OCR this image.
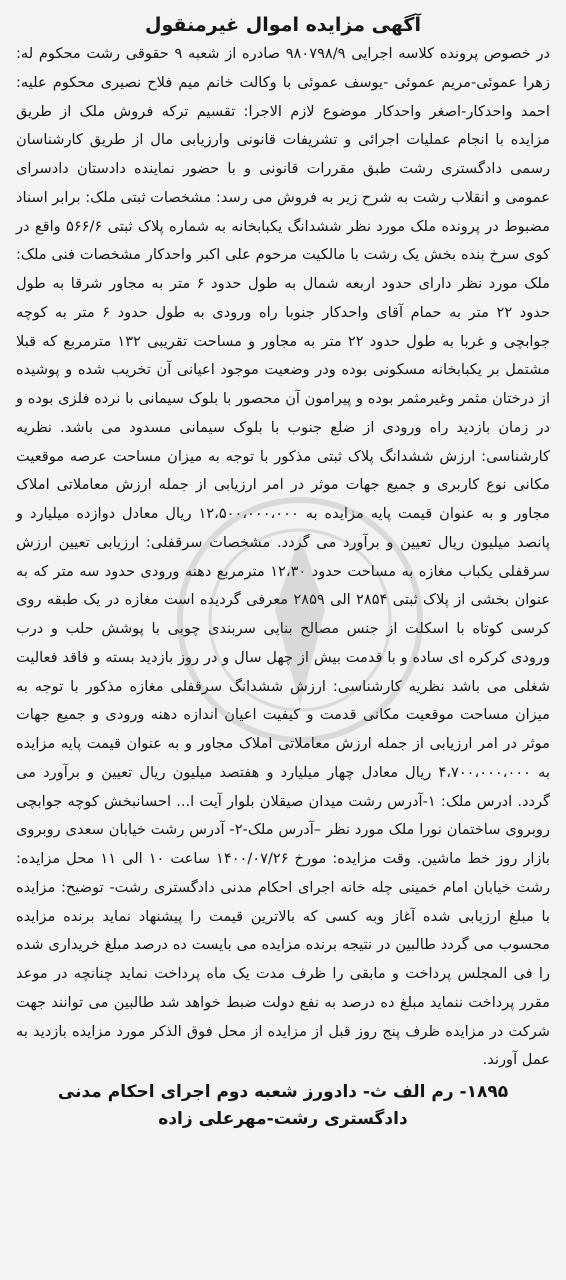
آگهی مزایده اموال غیرمنقول

در خصوص پرونده کلاسه اجرایی ۹۸۰۷۹۸/۹ صادره از شعبه ۹ حقوقی رشت محکوم له: زهرا عموئی-مریم عموئی -یوسف عموئی با وکالت خانم میم فلاح نصیری محکوم علیه: احمد واحدکار-اصغر واحدکار موضوع لازم الاجرا: تقسیم ترکه فروش ملک از طریق مزایده با انجام عملیات اجرائی و تشریفات قانونی وارزیابی مال از طریق کارشناسان رسمی دادگستری رشت طبق مقررات قانونی و با حضور نماینده دادستان دادسرای عمومی و انقلاب رشت به شرح زیر به فروش می رسد: مشخصات ثبتی ملک: برابر اسناد مضبوط در پرونده ملک مورد نظر ششدانگ یکبابخانه به شماره پلاک ثبتی ۵۶۶/۶ واقع در کوی سرخ بنده بخش یک رشت با مالکیت مرحوم علی اکبر واحدکار مشخصات فنی ملک: ملک مورد نظر دارای حدود اربعه شمال به طول حدود ۶ متر به مجاور شرقا به طول حدود ۲۲ متر به حمام آقای واحدکار جنوبا راه ورودی به طول حدود ۶ متر به کوچه جوابچی و غربا به طول حدود ۲۲ متر به مجاور و مساحت تقریبی ۱۳۲ مترمربع که قبلا مشتمل بر یکبابخانه مسکونی بوده ودر وضعیت موجود اعیانی آن تخریب شده و پوشیده از درختان مثمر وغیرمثمر بوده و پیرامون آن محصور با بلوک سیمانی با نرده فلزی بوده و در زمان بازدید راه ورودی از ضلع جنوب با بلوک سیمانی مسدود می باشد. نظریه کارشناسی: ارزش ششدانگ پلاک ثبتی مذکور با توجه به میزان مساحت عرصه موقعیت مکانی نوع کاربری و جمیع جهات موثر در امر ارزیابی از جمله ارزش معاملاتی املاک مجاور و به عنوان قیمت پایه مزایده به ۱۲،۵۰۰،۰۰۰،۰۰۰ ریال معادل دوازده میلیارد و پانصد میلیون ریال تعیین و برآورد می گردد. مشخصات سرقفلی: ارزیابی تعیین ارزش سرقفلی یکباب مغازه به مساحت حدود ۱۲،۳۰ مترمربع دهنه ورودی حدود سه متر که به عنوان بخشی از پلاک ثبتی ۲۸۵۴ الی ۲۸۵۹ معرفی گردیده است مغازه در یک طبقه روی کرسی کوتاه با اسکلت از جنس مصالح بنایی سربندی چوبی با پوشش حلب و درب ورودی کرکره ای ساده و با قدمت بیش از چهل سال و در روز بازدید بسته و فاقد فعالیت شغلی می باشد نظریه کارشناسی: ارزش ششدانگ سرقفلی مغازه مذکور با توجه به میزان مساحت موقعیت مکانی قدمت و کیفیت اعیان اندازه دهنه ورودی و جمیع جهات موثر در امر ارزیابی از جمله ارزش معاملاتی املاک مجاور و به عنوان قیمت پایه مزایده به ۴،۷۰۰،۰۰۰،۰۰۰ ریال معادل چهار میلیارد و هفتصد میلیون ریال تعیین و برآورد می گردد. ادرس ملک: ۱-آدرس رشت میدان صیقلان بلوار آیت ا... احسانبخش کوچه جوابچی روبروی ساختمان نورا ملک مورد نظر –آدرس ملک-۲- آدرس رشت خیابان سعدی روبروی بازار روز خط ماشین. وقت مزایده: مورخ ۱۴۰۰/۰۷/۲۶ ساعت ۱۰ الی ۱۱ محل مزایده: رشت خیابان امام خمینی چله خانه اجرای احکام مدنی دادگستری رشت- توضیح: مزایده با مبلغ ارزیابی شده آغاز وبه کسی که بالاترین قیمت را پیشنهاد نماید برنده مزایده محسوب می گردد طالبین در نتیجه برنده مزایده می بایست ده درصد مبلغ خریداری شده را فی المجلس پرداخت و مابقی را ظرف مدت یک ماه پرداخت نماید چنانچه در موعد مقرر پرداخت ننماید مبلغ ده درصد به نفع دولت ضبط خواهد شد طالبین می توانند جهت شرکت در مزایده ظرف پنج روز قبل از مزایده از محل فوق الذکر مورد مزایده بازدید به عمل آورند.

۱۸۹۵- رم الف ث- دادورز شعبه دوم اجرای احکام مدنی
دادگستری رشت-مهرعلی زاده
